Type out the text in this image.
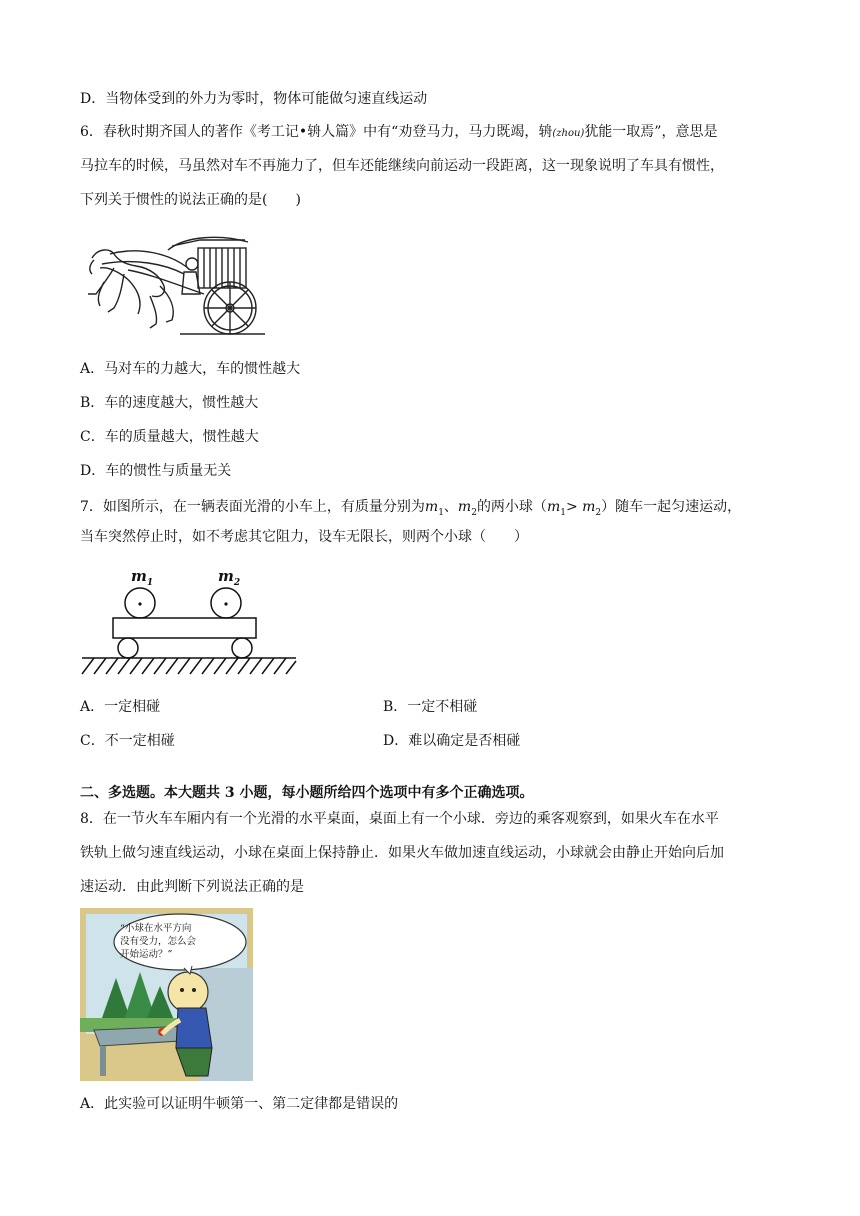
D．当物体受到的外力为零时，物体可能做匀速直线运动
6．春秋时期齐国人的著作《考工记•辀人篇》中有“劝登马力，马力既竭，辀(zhou)犹能一取焉”，意思是
马拉车的时候，马虽然对车不再施力了，但车还能继续向前运动一段距离，这一现象说明了车具有惯性，
下列关于惯性的说法正确的是(　　)
A．马对车的力越大，车的惯性越大
B．车的速度越大，惯性越大
C．车的质量越大，惯性越大
D．车的惯性与质量无关
7．如图所示，在一辆表面光滑的小车上，有质量分别为$m_1$、$m_2$的两小球$(m_1> m_2)$随车一起匀速运动，
当车突然停止时，如不考虑其它阻力，设车无限长，则两个小球（　　）
$m_1$	$m_2$
A．一定相碰	B．一定不相碰
C．不一定相碰	D．难以确定是否相碰
二、多选题。本大题共 3 小题，每小题所给四个选项中有多个正确选项。
8．在一节火车车厢内有一个光滑的水平桌面，桌面上有一个小球．旁边的乘客观察到，如果火车在水平
铁轨上做匀速直线运动，小球在桌面上保持静止．如果火车做加速直线运动，小球就会由静止开始向后加
速运动．由此判断下列说法正确的是
“小球在水平方向
没有受力，怎么会
开始运动？”
A．此实验可以证明牛顿第一、第二定律都是错误的
